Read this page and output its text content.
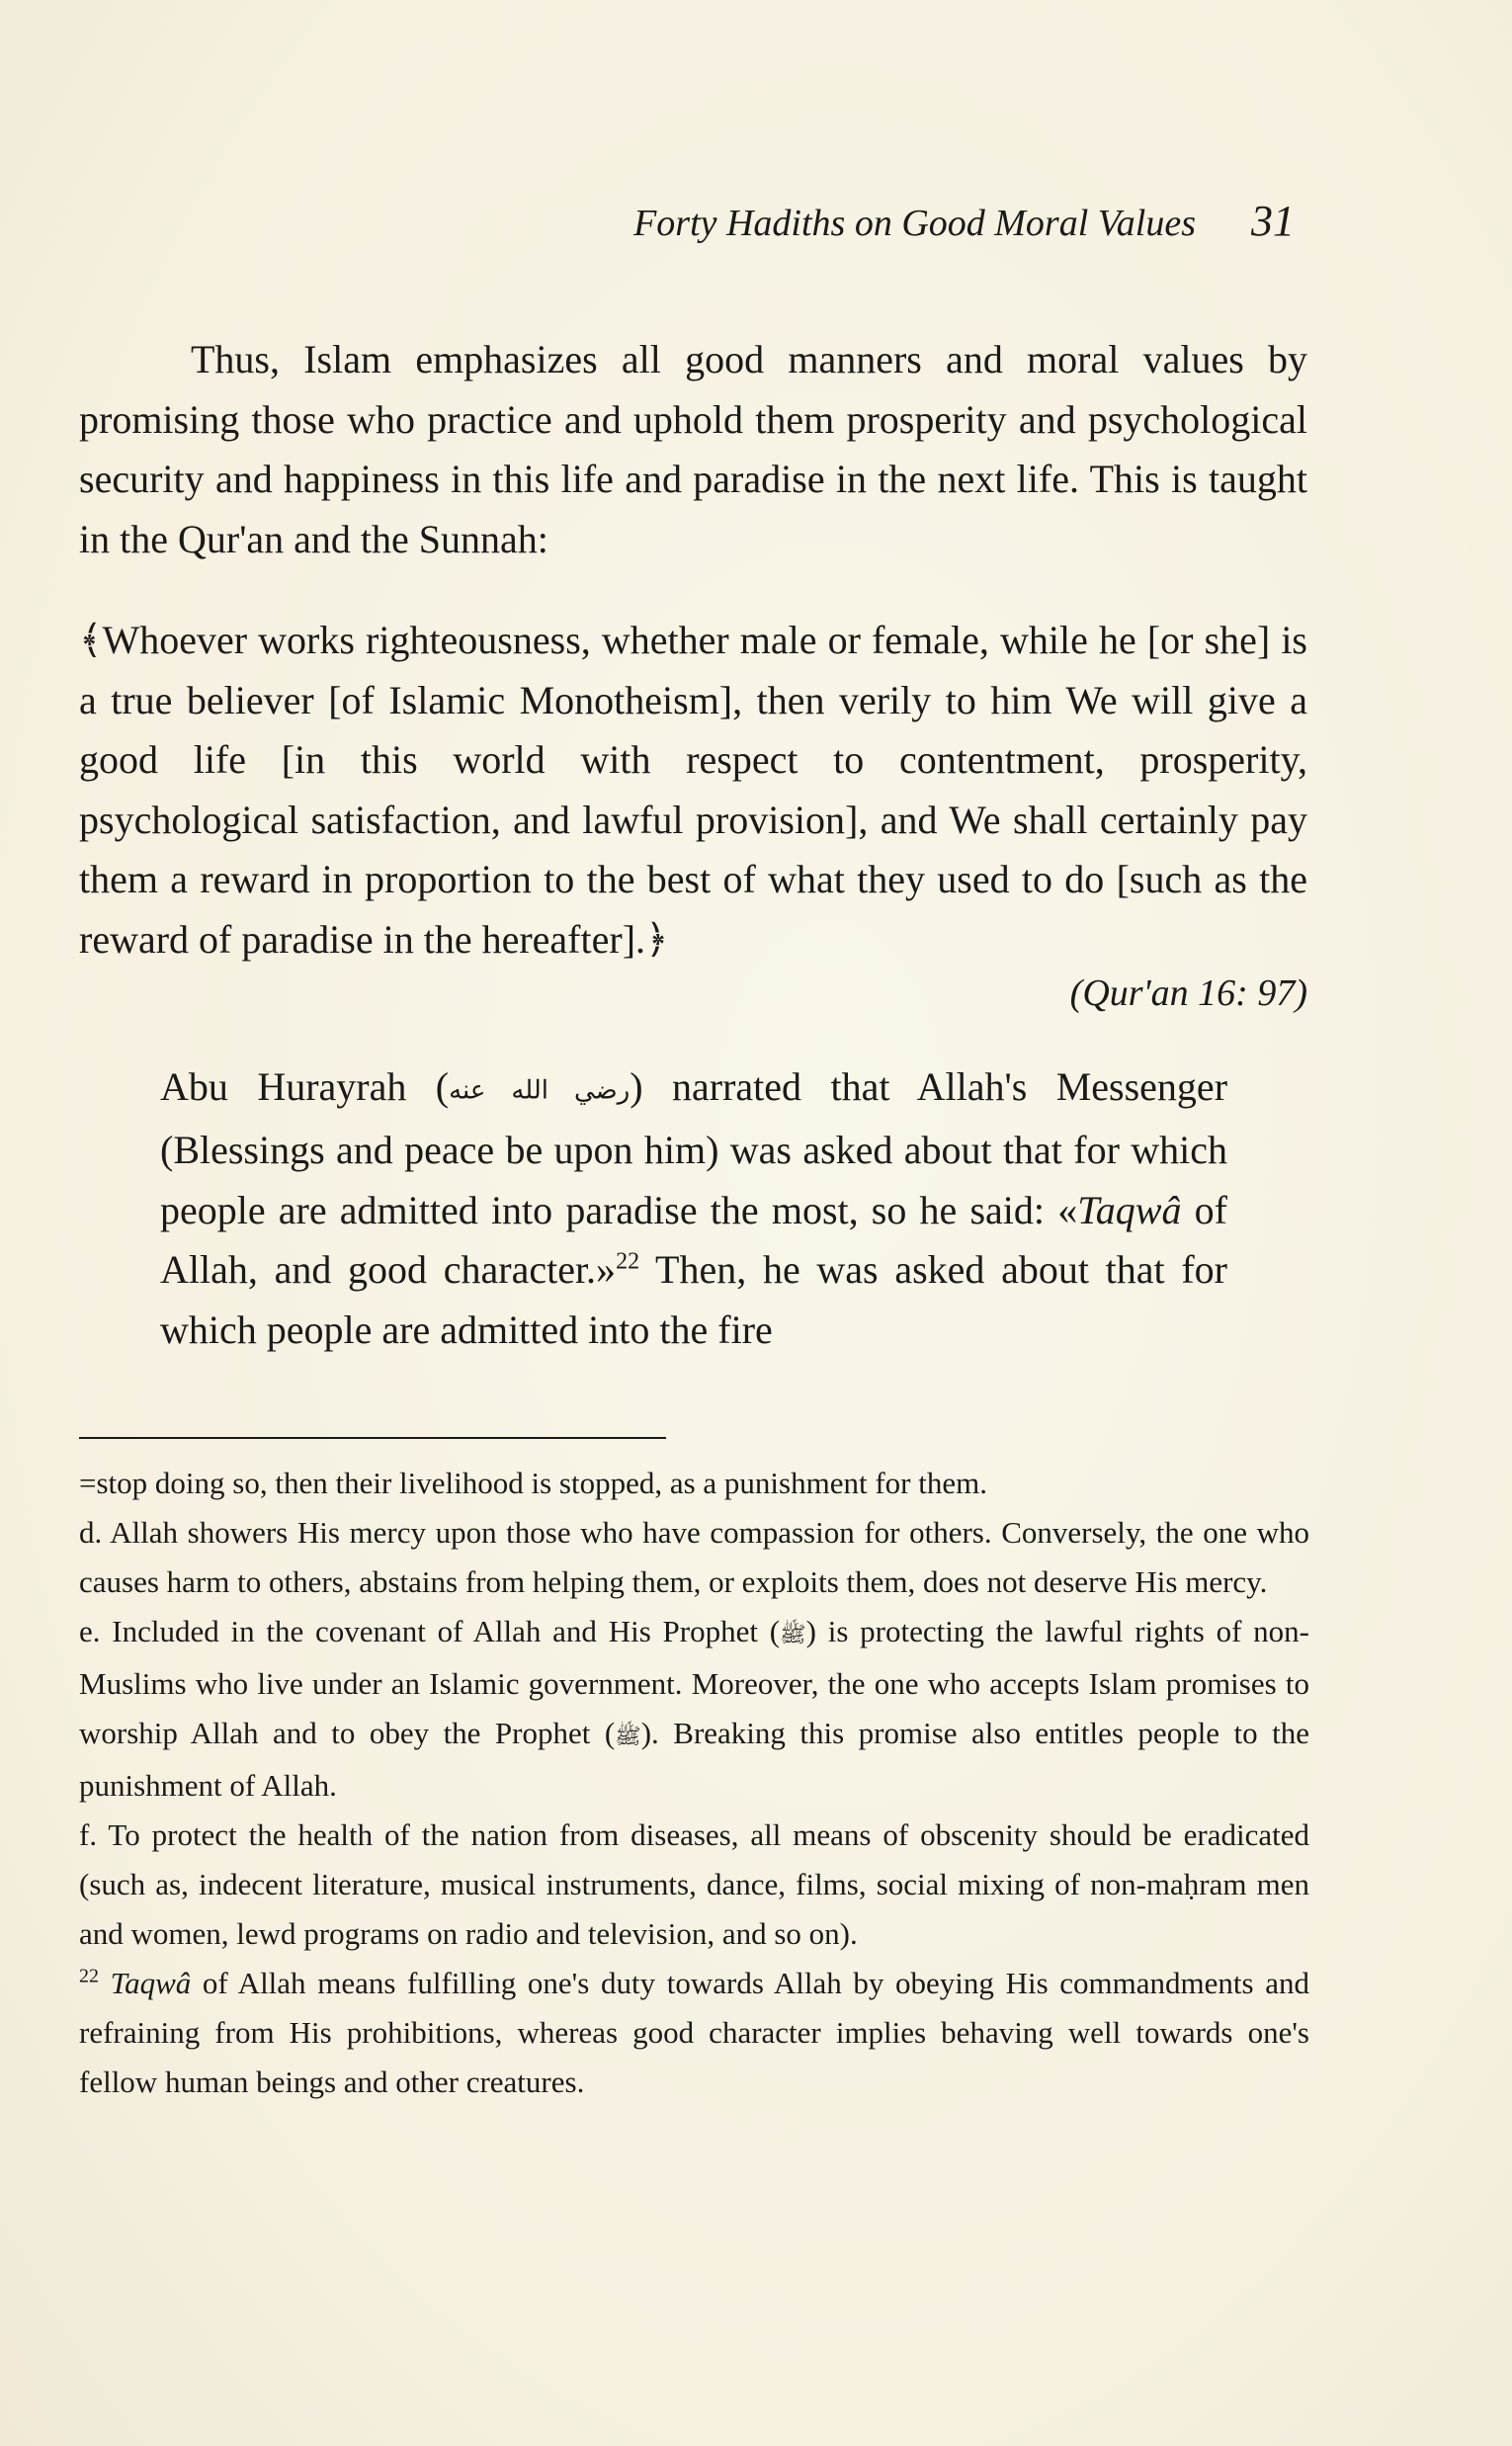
Forty Hadiths on Good Moral Values 31

Thus, Islam emphasizes all good manners and moral values by promising those who practice and uphold them prosperity and psychological security and happiness in this life and paradise in the next life. This is taught in the Qur'an and the Sunnah:

﴾Whoever works righteousness, whether male or female, while he [or she] is a true believer [of Islamic Monotheism], then verily to him We will give a good life [in this world with respect to contentment, prosperity, psychological satisfaction, and lawful provision], and We shall certainly pay them a reward in proportion to the best of what they used to do [such as the reward of paradise in the hereafter].﴿

(Qur'an 16: 97)

Abu Hurayrah (رضي الله عنه) narrated that Allah's Messenger (Blessings and peace be upon him) was asked about that for which people are admitted into paradise the most, so he said: «Taqwâ of Allah, and good character.»$^{22}$ Then, he was asked about that for which people are admitted into the fire

=stop doing so, then their livelihood is stopped, as a punishment for them.

d. Allah showers His mercy upon those who have compassion for others. Conversely, the one who causes harm to others, abstains from helping them, or exploits them, does not deserve His mercy.

e. Included in the covenant of Allah and His Prophet (ﷺ) is protecting the lawful rights of non-Muslims who live under an Islamic government. Moreover, the one who accepts Islam promises to worship Allah and to obey the Prophet (ﷺ). Breaking this promise also entitles people to the punishment of Allah.

f. To protect the health of the nation from diseases, all means of obscenity should be eradicated (such as, indecent literature, musical instruments, dance, films, social mixing of non-maḥram men and women, lewd programs on radio and television, and so on).

$^{22}$ Taqwâ of Allah means fulfilling one's duty towards Allah by obeying His commandments and refraining from His prohibitions, whereas good character implies behaving well towards one's fellow human beings and other creatures.
